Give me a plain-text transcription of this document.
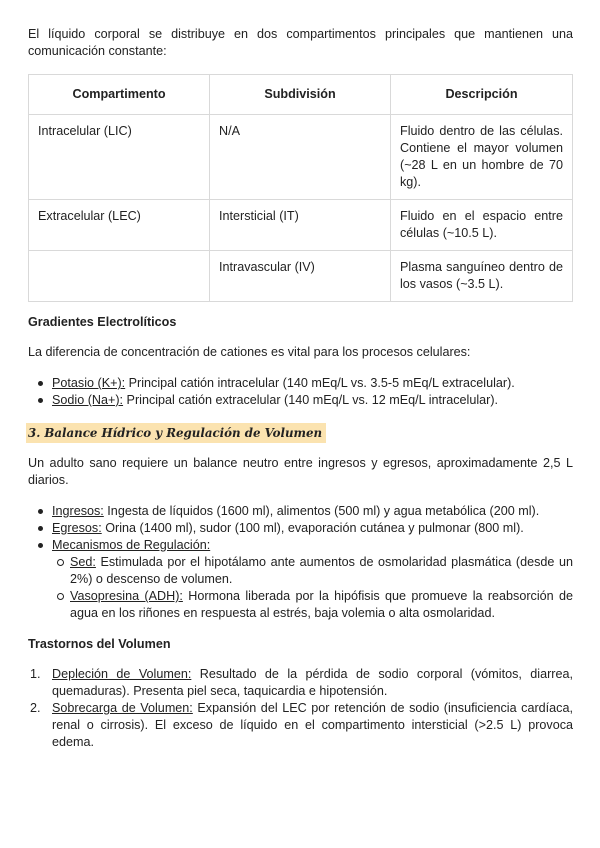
El líquido corporal se distribuye en dos compartimentos principales que mantienen una comunicación constante:

Compartimento	Subdivisión	Descripción
Intracelular (LIC)	N/A	Fluido dentro de las células. Contiene el mayor volumen (~28 L en un hombre de 70 kg).
Extracelular (LEC)	Intersticial (IT)	Fluido en el espacio entre células (~10.5 L).
	Intravascular (IV)	Plasma sanguíneo dentro de los vasos (~3.5 L).
Gradientes Electrolíticos

La diferencia de concentración de cationes es vital para los procesos celulares:

Potasio (K+): Principal catión intracelular (140 mEq/L vs. 3.5-5 mEq/L extracelular).
Sodio (Na+): Principal catión extracelular (140 mEq/L vs. 12 mEq/L intracelular).
3. Balance Hídrico y Regulación de Volumen

Un adulto sano requiere un balance neutro entre ingresos y egresos, aproximadamente 2,5 L diarios.

Ingresos: Ingesta de líquidos (1600 ml), alimentos (500 ml) y agua metabólica (200 ml).
Egresos: Orina (1400 ml), sudor (100 ml), evaporación cutánea y pulmonar (800 ml).
Mecanismos de Regulación:
Sed: Estimulada por el hipotálamo ante aumentos de osmolaridad plasmática (desde un 2%) o descenso de volumen.
Vasopresina (ADH): Hormona liberada por la hipófisis que promueve la reabsorción de agua en los riñones en respuesta al estrés, baja volemia o alta osmolaridad.
Trastornos del Volumen
1. Depleción de Volumen: Resultado de la pérdida de sodio corporal (vómitos, diarrea, quemaduras). Presenta piel seca, taquicardia e hipotensión.
2. Sobrecarga de Volumen: Expansión del LEC por retención de sodio (insuficiencia cardíaca, renal o cirrosis). El exceso de líquido en el compartimento intersticial (>2.5 L) provoca edema.
